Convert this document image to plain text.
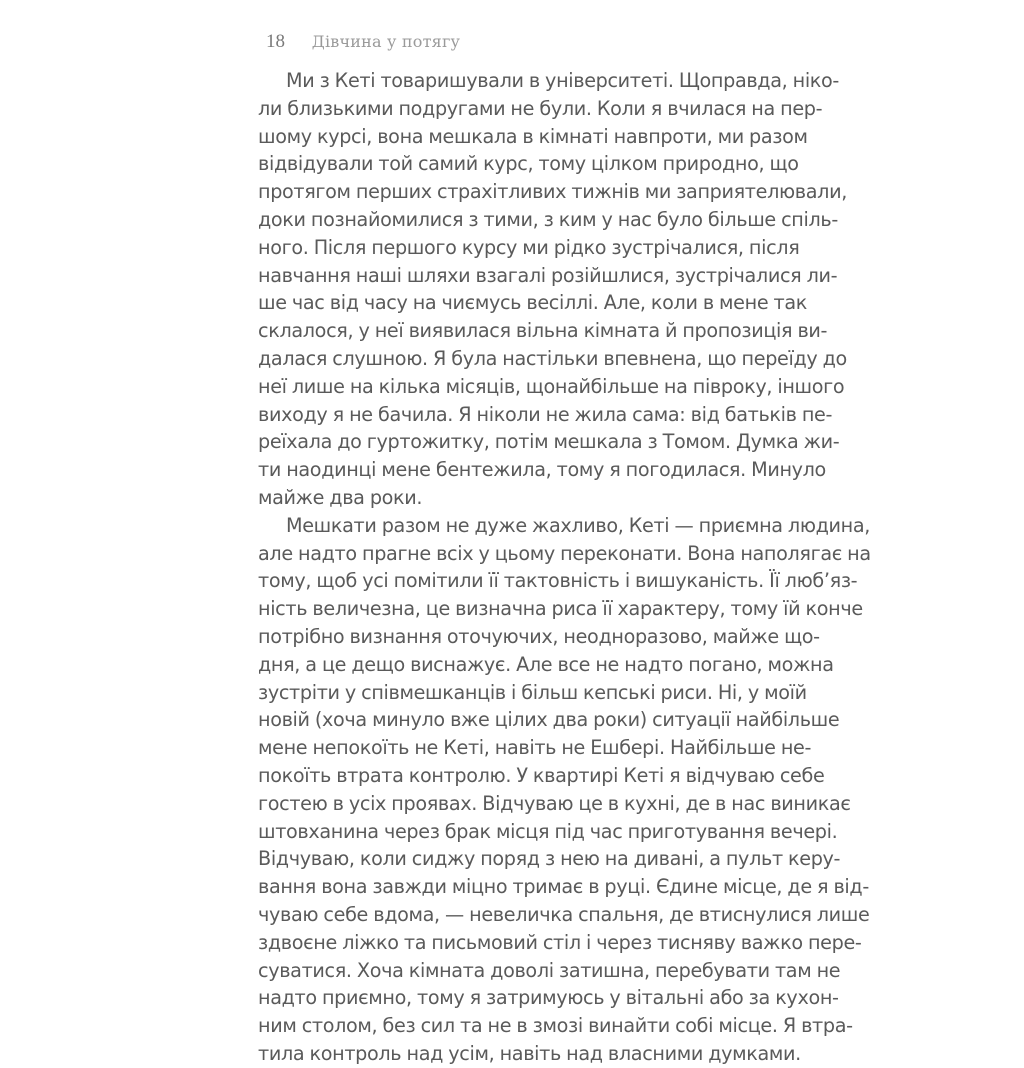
18 Дівчина у потягу
Ми з Кеті товаришували в університеті. Щоправда, ніко-
ли близькими подругами не були. Коли я вчилася на пер-
шому курсі, вона мешкала в кімнаті навпроти, ми разом
відвідували той самий курс, тому цілком природно, що
протягом перших страхітливих тижнів ми заприятелювали,
доки познайомилися з тими, з ким у нас було більше спіль-
ного. Після першого курсу ми рідко зустрічалися, після
навчання наші шляхи взагалі розійшлися, зустрічалися ли-
ше час від часу на чиємусь весіллі. Але, коли в мене так
склалося, у неї виявилася вільна кімната й пропозиція ви-
далася слушною. Я була настільки впевнена, що переїду до
неї лише на кілька місяців, щонайбільше на півроку, іншого
виходу я не бачила. Я ніколи не жила сама: від батьків пе-
реїхала до гуртожитку, потім мешкала з Томом. Думка жи-
ти наодинці мене бентежила, тому я погодилася. Минуло
майже два роки.
Мешкати разом не дуже жахливо, Кеті — приємна людина,
але надто прагне всіх у цьому переконати. Вона наполягає на
тому, щоб усі помітили її тактовність і вишуканість. Її люб’яз-
ність величезна, це визначна риса її характеру, тому їй конче
потрібно визнання оточуючих, неодноразово, майже що-
дня, а це дещо виснажує. Але все не надто погано, можна
зустріти у співмешканців і більш кепські риси. Ні, у моїй
новій (хоча минуло вже цілих два роки) ситуації найбільше
мене непокоїть не Кеті, навіть не Ешбері. Найбільше не-
покоїть втрата контролю. У квартирі Кеті я відчуваю себе
гостею в усіх проявах. Відчуваю це в кухні, де в нас виникає
штовханина через брак місця під час приготування вечері.
Відчуваю, коли сиджу поряд з нею на дивані, а пульт керу-
вання вона завжди міцно тримає в руці. Єдине місце, де я від-
чуваю себе вдома, — невеличка спальня, де втиснулися лише
здвоєне ліжко та письмовий стіл і через тисняву важко пере-
суватися. Хоча кімната доволі затишна, перебувати там не
надто приємно, тому я затримуюсь у вітальні або за кухон-
ним столом, без сил та не в змозі винайти собі місце. Я втра-
тила контроль над усім, навіть над власними думками.
